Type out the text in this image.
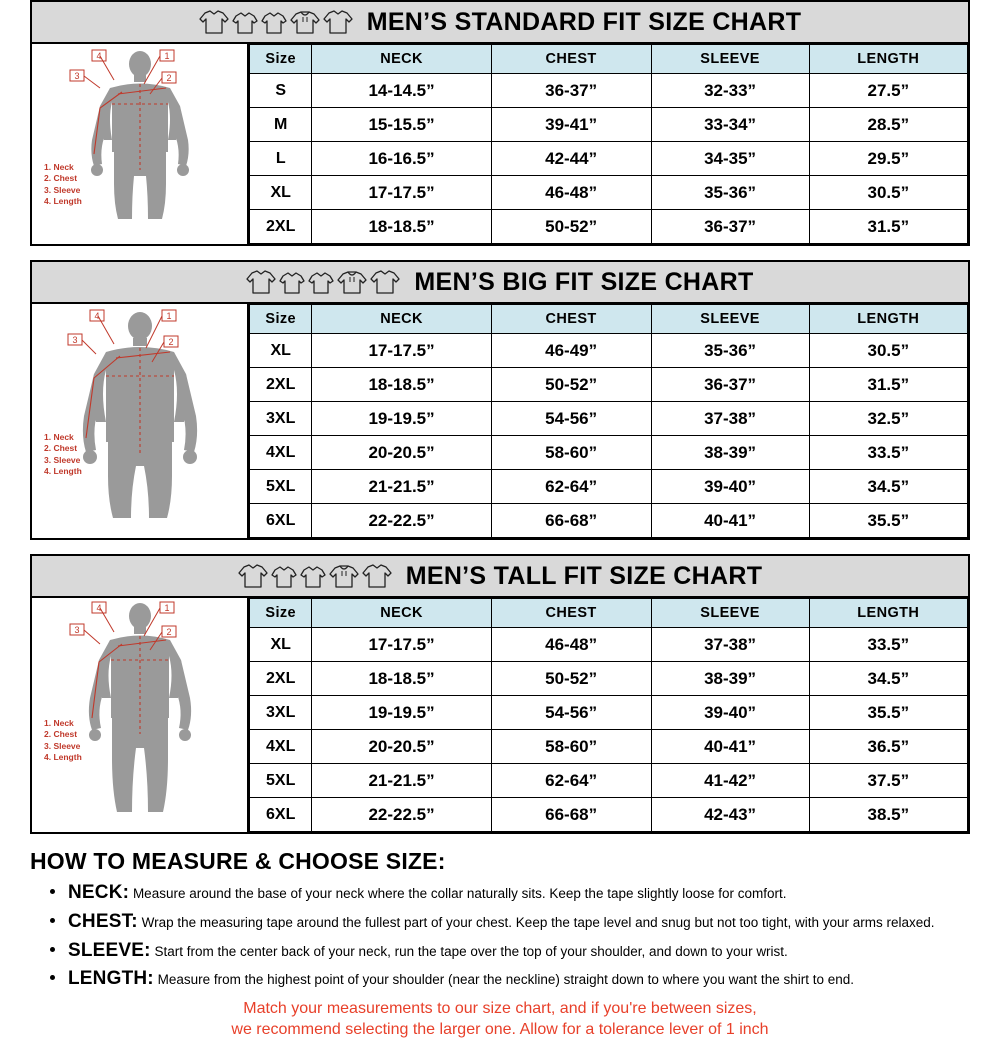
MEN’S STANDARD FIT SIZE CHART
1
2
3
4
1. Neck
2. Chest
3. Sleeve
4. Length
Size	NECK	CHEST	SLEEVE	LENGTH
S	14-14.5”	36-37”	32-33”	27.5”
M	15-15.5”	39-41”	33-34”	28.5”
L	16-16.5”	42-44”	34-35”	29.5”
XL	17-17.5”	46-48”	35-36”	30.5”
2XL	18-18.5”	50-52”	36-37”	31.5”
MEN’S BIG FIT SIZE CHART
1
2
3
4
1. Neck
2. Chest
3. Sleeve
4. Length
Size	NECK	CHEST	SLEEVE	LENGTH
XL	17-17.5”	46-49”	35-36”	30.5”
2XL	18-18.5”	50-52”	36-37”	31.5”
3XL	19-19.5”	54-56”	37-38”	32.5”
4XL	20-20.5”	58-60”	38-39”	33.5”
5XL	21-21.5”	62-64”	39-40”	34.5”
6XL	22-22.5”	66-68”	40-41”	35.5”
MEN’S TALL FIT SIZE CHART
1
2
3
4
1. Neck
2. Chest
3. Sleeve
4. Length
Size	NECK	CHEST	SLEEVE	LENGTH
XL	17-17.5”	46-48”	37-38”	33.5”
2XL	18-18.5”	50-52”	38-39”	34.5”
3XL	19-19.5”	54-56”	39-40”	35.5”
4XL	20-20.5”	58-60”	40-41”	36.5”
5XL	21-21.5”	62-64”	41-42”	37.5”
6XL	22-22.5”	66-68”	42-43”	38.5”
HOW TO MEASURE & CHOOSE SIZE:
NECK: Measure around the base of your neck where the collar naturally sits. Keep the tape slightly loose for comfort.
CHEST: Wrap the measuring tape around the fullest part of your chest. Keep the tape level and snug but not too tight, with your arms relaxed.
SLEEVE: Start from the center back of your neck, run the tape over the top of your shoulder, and down to your wrist.
LENGTH: Measure from the highest point of your shoulder (near the neckline) straight down to where you want the shirt to end.
Match your measurements to our size chart, and if you're between sizes,
we recommend selecting the larger one. Allow for a tolerance lever of 1 inch
